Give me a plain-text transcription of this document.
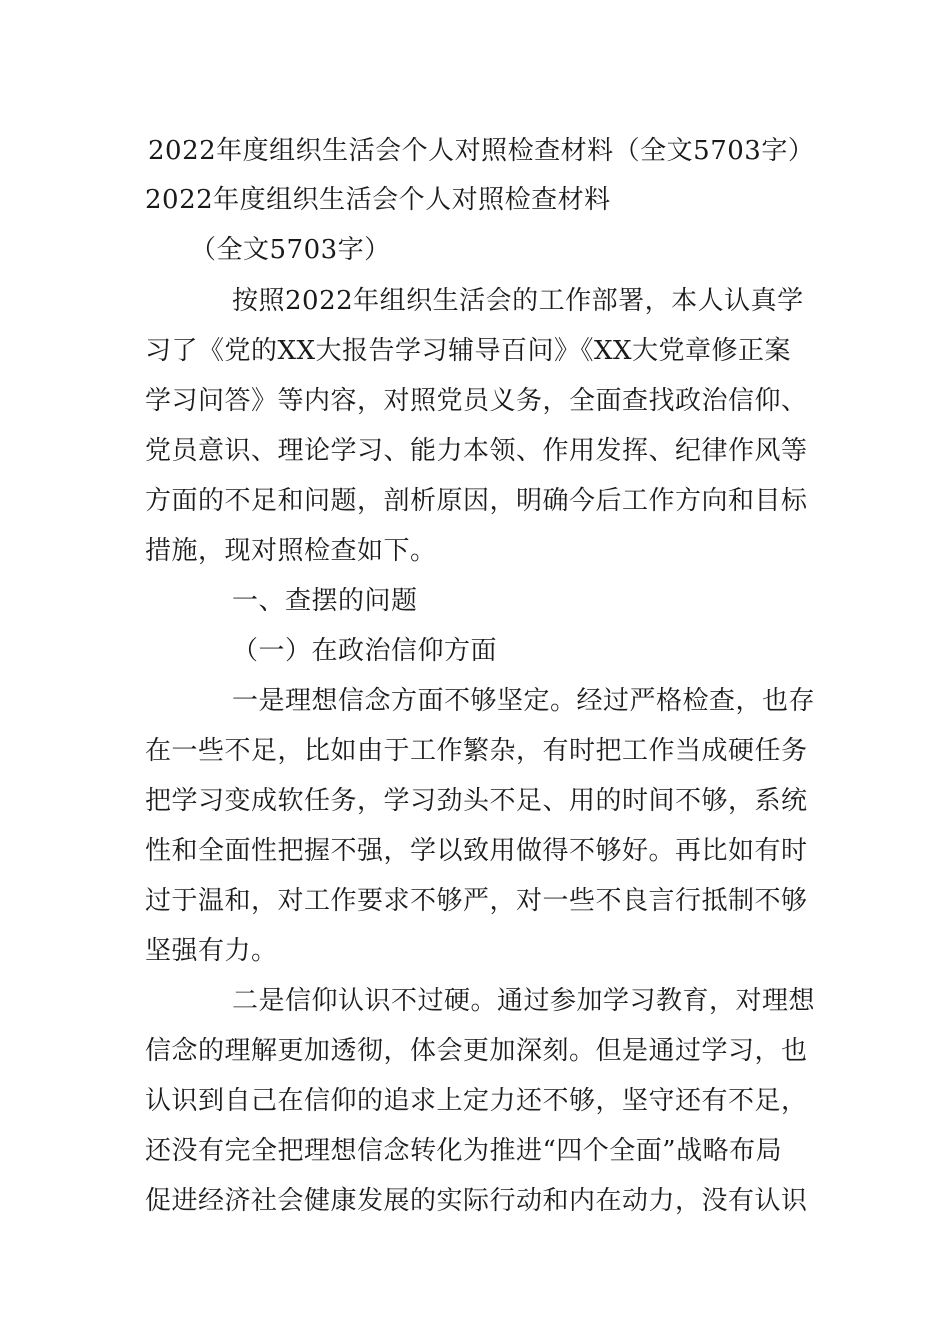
2022年度组织生活会个人对照检查材料（全文5703字）
2022年度组织生活会个人对照检查材料
（全文5703字）
按照2022年组织生活会的工作部署，本人认真学
习了《党的XX大报告学习辅导百问》《XX大党章修正案
学习问答》等内容，对照党员义务，全面查找政治信仰、
党员意识、理论学习、能力本领、作用发挥、纪律作风等
方面的不足和问题，剖析原因，明确今后工作方向和目标
措施，现对照检查如下。
一、查摆的问题
（一）在政治信仰方面
一是理想信念方面不够坚定。经过严格检查，也存
在一些不足，比如由于工作繁杂，有时把工作当成硬任务
把学习变成软任务，学习劲头不足、用的时间不够，系统
性和全面性把握不强，学以致用做得不够好。再比如有时
过于温和，对工作要求不够严，对一些不良言行抵制不够
坚强有力。
二是信仰认识不过硬。通过参加学习教育，对理想
信念的理解更加透彻，体会更加深刻。但是通过学习，也
认识到自己在信仰的追求上定力还不够，坚守还有不足，
还没有完全把理想信念转化为推进“四个全面”战略布局
促进经济社会健康发展的实际行动和内在动力，没有认识
